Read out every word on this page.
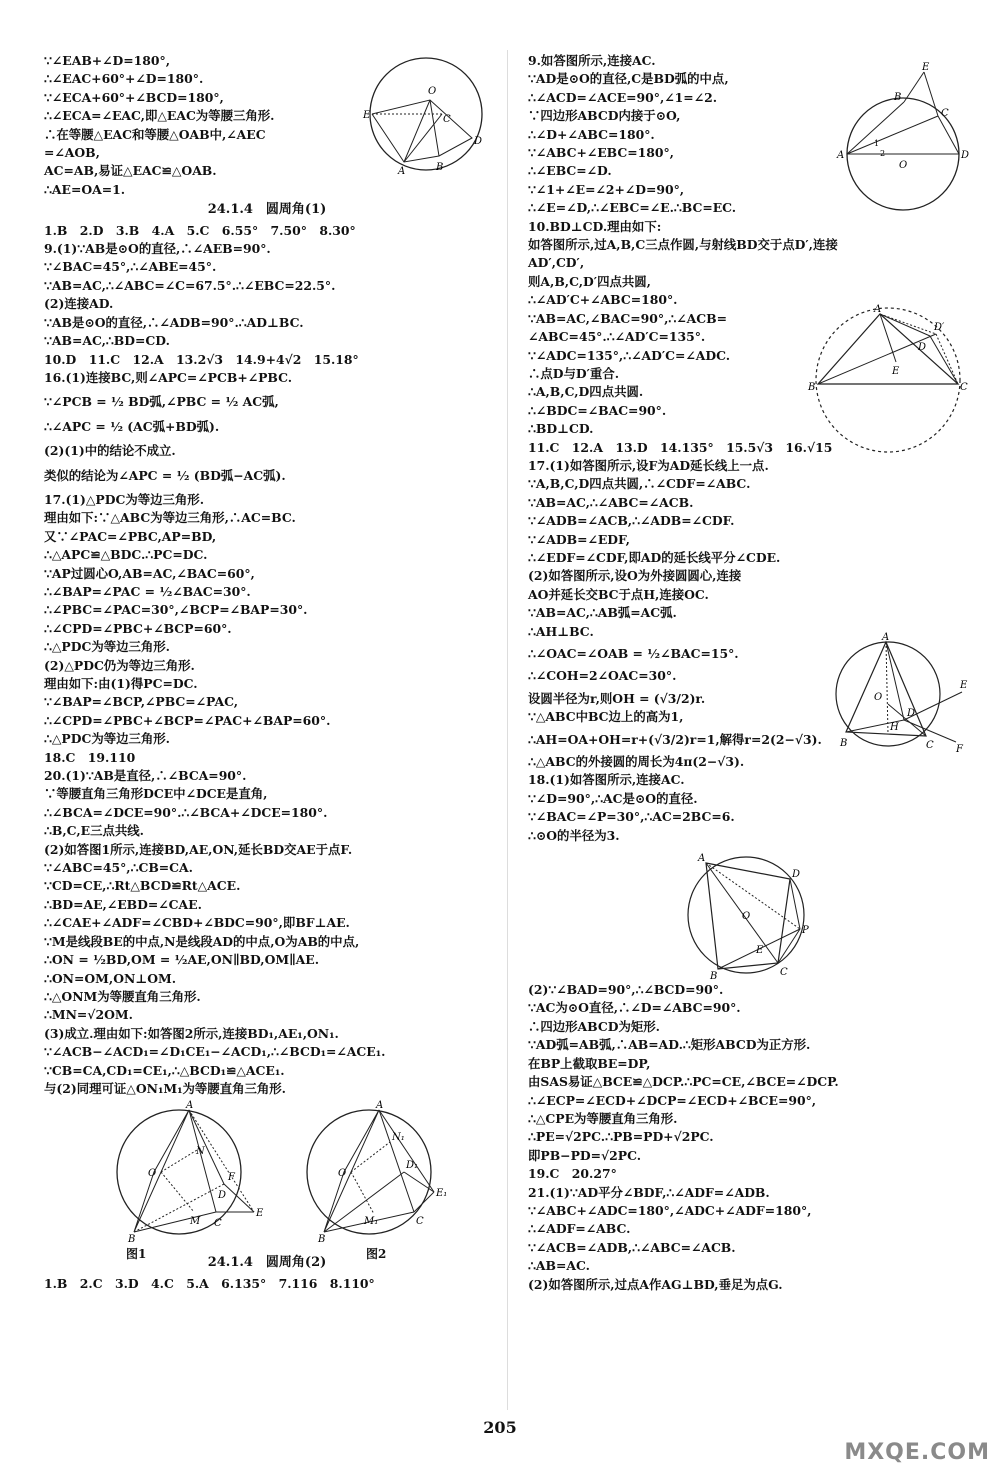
∵∠EAB+∠D=180°,
∴∠EAC+60°+∠D=180°.
∵∠ECA+60°+∠BCD=180°,
∴∠ECA=∠EAC,即△EAC为等腰三角形.
∴在等腰△EAC和等腰△OAB中,∠AEC
=∠AOB,
AC=AB,易证△EAC≌△OAB.
∴AE=OA=1.
O
E	C
D
A	B
24.1.4　圆周角(1)
1.B　2.D　3.B　4.A　5.C　6.55°　7.50°　8.30°
9.(1)∵AB是⊙O的直径,∴∠AEB=90°.
∵∠BAC=45°,∴∠ABE=45°.
∵AB=AC,∴∠ABC=∠C=67.5°.∴∠EBC=22.5°.
(2)连接AD.
∵AB是⊙O的直径,∴∠ADB=90°.∴AD⊥BC.
∵AB=AC,∴BD=CD.
10.D　11.C　12.A　13.2√3　14.9+4√2　15.18°
16.(1)连接BC,则∠APC=∠PCB+∠PBC.
∵∠PCB = ½ BD弧,∠PBC = ½ AC弧,
∴∠APC = ½ (AC弧+BD弧).
(2)(1)中的结论不成立.
类似的结论为∠APC = ½ (BD弧−AC弧).
17.(1)△PDC为等边三角形.
理由如下:∵△ABC为等边三角形,∴AC=BC.
又∵∠PAC=∠PBC,AP=BD,
∴△APC≌△BDC.∴PC=DC.
∵AP过圆心O,AB=AC,∠BAC=60°,
∴∠BAP=∠PAC = ½∠BAC=30°.
∴∠PBC=∠PAC=30°,∠BCP=∠BAP=30°.
∴∠CPD=∠PBC+∠BCP=60°.
∴△PDC为等边三角形.
(2)△PDC仍为等边三角形.
理由如下:由(1)得PC=DC.
∵∠BAP=∠BCP,∠PBC=∠PAC,
∴∠CPD=∠PBC+∠BCP=∠PAC+∠BAP=60°.
∴△PDC为等边三角形.
18.C　19.110
20.(1)∵AB是直径,∴∠BCA=90°.
∵等腰直角三角形DCE中∠DCE是直角,
∴∠BCA=∠DCE=90°.∴∠BCA+∠DCE=180°.
∴B,C,E三点共线.
(2)如答图1所示,连接BD,AE,ON,延长BD交AE于点F.
∵∠ABC=45°,∴CB=CA.
∵CD=CE,∴Rt△BCD≌Rt△ACE.
∴BD=AE,∠EBD=∠CAE.
∴∠CAE+∠ADF=∠CBD+∠BDC=90°,即BF⊥AE.
∵M是线段BE的中点,N是线段AD的中点,O为AB的中点,
∴ON = ½BD,OM = ½AE,ON∥BD,OM∥AE.
∴ON=OM,ON⊥OM.
∴△ONM为等腰直角三角形.
∴MN=√2OM.
(3)成立.理由如下:如答图2所示,连接BD₁,AE₁,ON₁.
∵∠ACB−∠ACD₁=∠D₁CE₁−∠ACD₁,∴∠BCD₁=∠ACE₁.
∵CB=CA,CD₁=CE₁,∴△BCD₁≌△ACE₁.
与(2)同理可证△ON₁M₁为等腰直角三角形.
A
O
N
F
D
M C
E
B
A
O
N₁
D₁
E₁
M₁	C
B
图1	图2
24.1.4　圆周角(2)
1.B　2.C　3.D　4.C　5.A　6.135°　7.116　8.110°
9.如答图所示,连接AC.
∵AD是⊙O的直径,C是BD弧的中点,
∴∠ACD=∠ACE=90°,∠1=∠2.
∵四边形ABCD内接于⊙O,
∴∠D+∠ABC=180°.
∵∠ABC+∠EBC=180°,
∴∠EBC=∠D.
∵∠1+∠E=∠2+∠D=90°,
∴∠E=∠D,∴∠EBC=∠E.∴BC=EC.
A	D
O
B
E
C
1
2
10.BD⊥CD.理由如下:
如答图所示,过A,B,C三点作圆,与射线BD交于点D′,连接
AD′,CD′,
则A,B,C,D′四点共圆,
∴∠AD′C+∠ABC=180°.
∵AB=AC,∠BAC=90°,∴∠ACB=
∠ABC=45°.∴∠AD′C=135°.
∵∠ADC=135°,∴∠AD′C=∠ADC.
∴点D与D′重合.
∴A,B,C,D四点共圆.
∴∠BDC=∠BAC=90°.
∴BD⊥CD.
B
A
D′
D
E
C
11.C　12.A　13.D　14.135°　15.5√3　16.√15
17.(1)如答图所示,设F为AD延长线上一点.
∵A,B,C,D四点共圆,∴∠CDF=∠ABC.
∵AB=AC,∴∠ABC=∠ACB.
∵∠ADB=∠ACB,∴∠ADB=∠CDF.
∵∠ADB=∠EDF,
∴∠EDF=∠CDF,即AD的延长线平分∠CDE.
(2)如答图所示,设O为外接圆圆心,连接
AO并延长交BC于点H,连接OC.
∵AB=AC,∴AB弧=AC弧.
∴AH⊥BC.
∴∠OAC=∠OAB = ½∠BAC=15°.
∴∠COH=2∠OAC=30°.
A
O
H
D
B	C
E
F
设圆半径为r,则OH = (√3/2)r.
∵△ABC中BC边上的高为1,
∴AH=OA+OH=r+(√3/2)r=1,解得r=2(2−√3).
∴△ABC的外接圆的周长为4π(2−√3).
18.(1)如答图所示,连接AC.
∵∠D=90°,∴AC是⊙O的直径.
∵∠BAC=∠P=30°,∴AC=2BC=6.
∴⊙O的半径为3.
A
D
O
P
E
C
B
(2)∵∠BAD=90°,∴∠BCD=90°.
∵AC为⊙O直径,∴∠D=∠ABC=90°.
∴四边形ABCD为矩形.
∵AD弧=AB弧,∴AB=AD.∴矩形ABCD为正方形.
在BP上截取BE=DP,
由SAS易证△BCE≌△DCP.∴PC=CE,∠BCE=∠DCP.
∴∠ECP=∠ECD+∠DCP=∠ECD+∠BCE=90°,
∴△CPE为等腰直角三角形.
∴PE=√2PC.∴PB=PD+√2PC.
即PB−PD=√2PC.
19.C　20.27°
21.(1)∵AD平分∠BDF,∴∠ADF=∠ADB.
∵∠ABC+∠ADC=180°,∠ADC+∠ADF=180°,
∴∠ADF=∠ABC.
∵∠ACB=∠ADB,∴∠ABC=∠ACB.
∴AB=AC.
(2)如答图所示,过点A作AG⊥BD,垂足为点G.
205
MXQE.COM
